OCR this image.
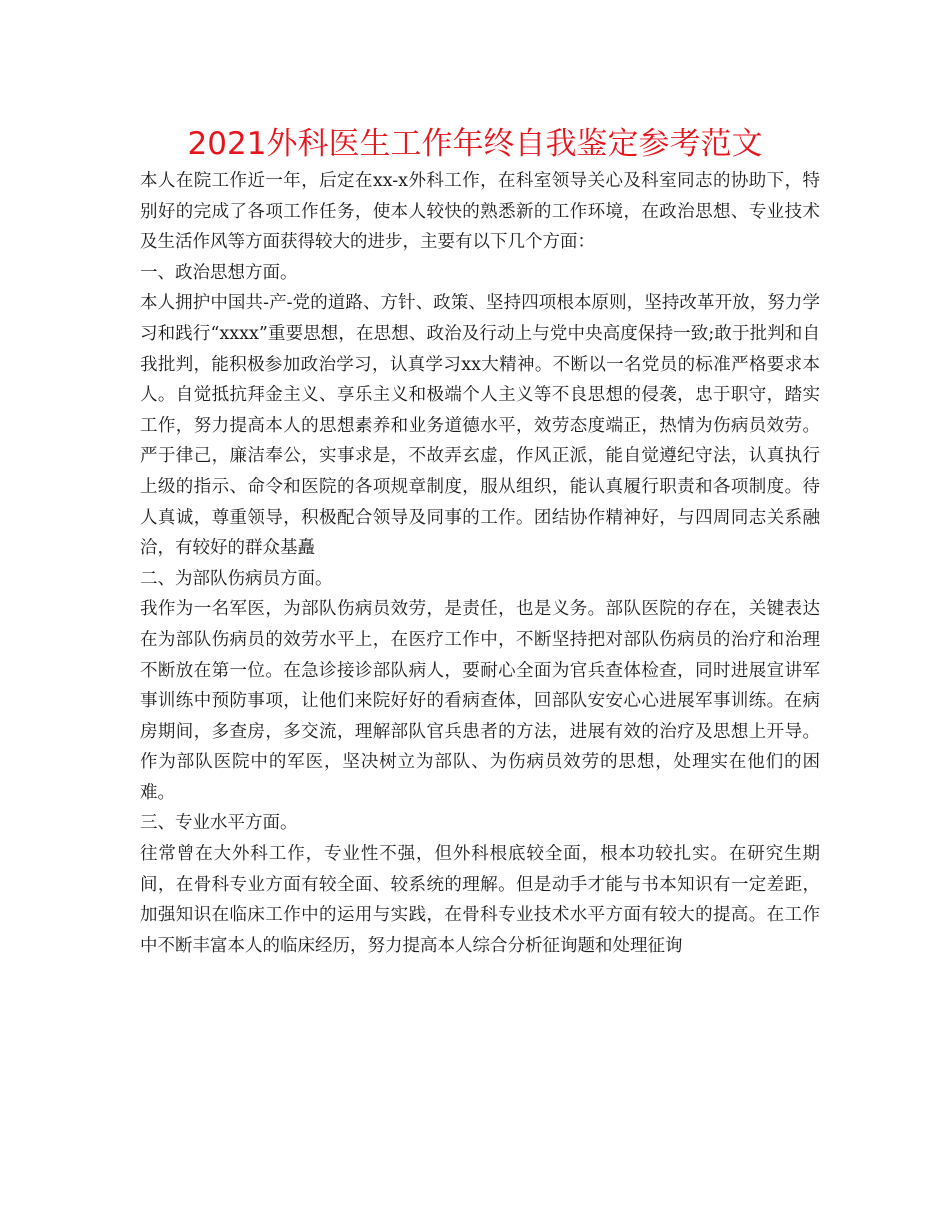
2021外科医生工作年终自我鉴定参考范文

本人在院工作近一年，后定在xx-x外科工作，在科室领导关心及科室同志的协助下，特别好的完成了各项工作任务，使本人较快的熟悉新的工作环境，在政治思想、专业技术及生活作风等方面获得较大的进步，主要有以下几个方面：

一、政治思想方面。

本人拥护中国共-产-党的道路、方针、政策、坚持四项根本原则，坚持改革开放，努力学习和践行“xxxx”重要思想，在思想、政治及行动上与党中央高度保持一致;敢于批判和自我批判，能积极参加政治学习，认真学习xx大精神。不断以一名党员的标准严格要求本人。自觉抵抗拜金主义、享乐主义和极端个人主义等不良思想的侵袭，忠于职守，踏实工作，努力提高本人的思想素养和业务道德水平，效劳态度端正，热情为伤病员效劳。严于律己，廉洁奉公，实事求是，不故弄玄虚，作风正派，能自觉遵纪守法，认真执行上级的指示、命令和医院的各项规章制度，服从组织，能认真履行职责和各项制度。待人真诚，尊重领导，积极配合领导及同事的工作。团结协作精神好，与四周同志关系融洽，有较好的群众基矗

二、为部队伤病员方面。

我作为一名军医，为部队伤病员效劳，是责任，也是义务。部队医院的存在，关键表达在为部队伤病员的效劳水平上，在医疗工作中，不断坚持把对部队伤病员的治疗和治理不断放在第一位。在急诊接诊部队病人，要耐心全面为官兵查体检查，同时进展宣讲军事训练中预防事项，让他们来院好好的看病查体，回部队安安心心进展军事训练。在病房期间，多查房，多交流，理解部队官兵患者的方法，进展有效的治疗及思想上开导。作为部队医院中的军医，坚决树立为部队、为伤病员效劳的思想，处理实在他们的困难。

三、专业水平方面。

往常曾在大外科工作，专业性不强，但外科根底较全面，根本功较扎实。在研究生期间，在骨科专业方面有较全面、较系统的理解。但是动手才能与书本知识有一定差距，加强知识在临床工作中的运用与实践，在骨科专业技术水平方面有较大的提高。在工作中不断丰富本人的临床经历，努力提高本人综合分析征询题和处理征询
